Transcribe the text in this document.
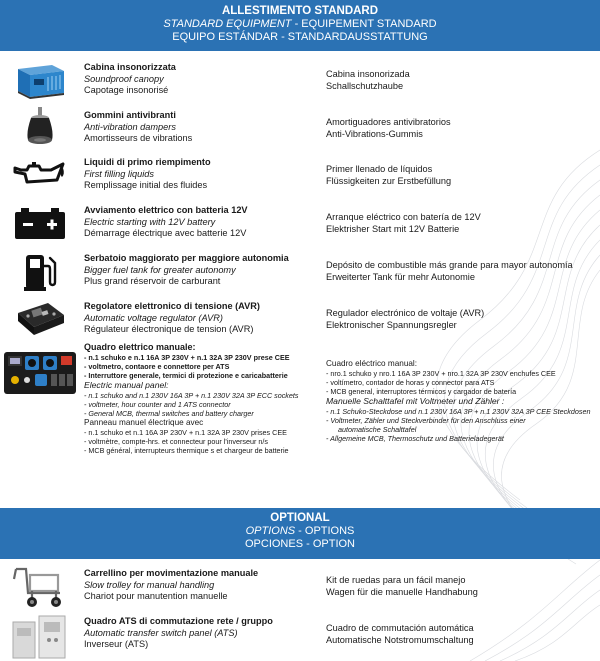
ALLESTIMENTO STANDARD
STANDARD EQUIPMENT - EQUIPEMENT STANDARD
EQUIPO ESTÁNDAR - STANDARDAUSSTATTUNG
Cabina insonorizzata
Soundproof canopy
Capotage insonorisé
Cabina insonorizada
Schallschutzhaube
Gommini antivibranti
Anti-vibration dampers
Amortisseurs de vibrations
Amortiguadores antivibratorios
Anti-Vibrations-Gummis
Liquidi di primo riempimento
First filling liquids
Remplissage initial des fluides
Primer llenado de líquidos
Flüssigkeiten zur Erstbefüllung
Avviamento elettrico con batteria 12V
Electric starting with 12V battery
Démarrage électrique avec batterie 12V
Arranque eléctrico con batería de 12V
Elektrisher Start mit 12V Batterie
Serbatoio maggiorato per maggiore autonomia
Bigger fuel tank for greater autonomy
Plus grand réservoir de carburant
Depósito de combustible más grande para mayor autonomía
Erweiterter Tank für mehr Autonomie
Regolatore elettronico di tensione (AVR)
Automatic voltage regulator (AVR)
Régulateur électronique de tension (AVR)
Regulador electrónico de voltaje (AVR)
Elektronischer Spannungsregler
Quadro elettrico manuale:
- n.1 schuko e n.1 16A 3P 230V + n.1 32A 3P 230V prese CEE
- voltmetro, contaore e connettore per ATS
- Interruttore generale, termici di protezione e caricabatterie
Electric manual panel:
- n.1 schuko and n.1 230V 16A 3P + n.1 230V 32A 3P ECC sockets
- voltmeter, hour counter and 1 ATS connector
- General MCB, thermal switches and battery charger
Panneau manuel électrique avec
- n.1 schuko et n.1 16A 3P 230V + n.1 32A 3P 230V prises CEE
- voltmètre, compte-hrs. et connecteur pour l'inverseur n/s
- MCB général, interrupteurs thermique s et chargeur de batterie
Cuadro eléctrico manual:
- nro.1 schuko y nro.1 16A 3P 230V + nro.1 32A 3P 230V enchufes CEE
- voltímetro, contador de horas y connector para ATS
- MCB general, interruptores térmicos y cargador de batería
Manuelle Schalttafel mit Voltmeter und Zähler :
- n.1 Schuko-Steckdose und n.1 230V 16A 3P + n.1 230V 32A 3P CEE Steckdosen
- Voltmeter, Zähler und Steckverbinder für den Anschluss einer
automatische Schalttafel
- Allgemeine MCB, Thermoschutz und Batterieladegerät
OPTIONAL
OPTIONS - OPTIONS
OPCIONES - OPTION
Carrellino per movimentazione manuale
Slow trolley for manual handling
Chariot pour manutention manuelle
Kit de ruedas para un fácil manejo
Wagen für die manuelle Handhabung
Quadro ATS di commutazione rete / gruppo
Automatic transfer switch panel (ATS)
Inverseur (ATS)
Cuadro de commutación automática
Automatische Notstromumschaltung
